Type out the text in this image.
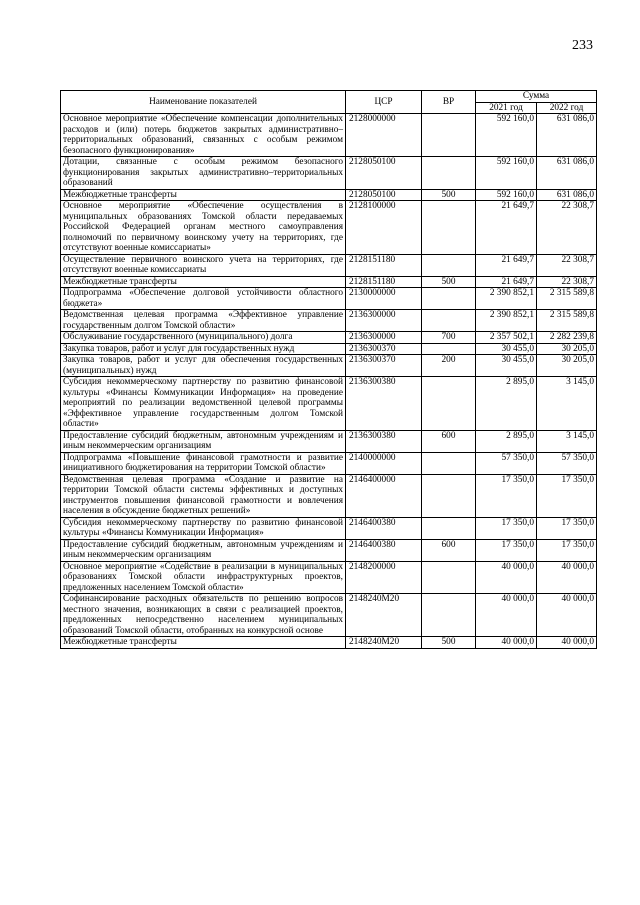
233
Наименование показателей	ЦСР	ВР	Сумма	
			2021 год	2022 год
Основное мероприятие «Обеспечение компенсации дополнительных расходов и (или) потерь бюджетов закрытых административно–территориальных образований, связанных с особым режимом безопасного функционирования»	2128000000		592 160,0	631 086,0
Дотации, связанные с особым режимом безопасного функционирования закрытых административно–территориальных образований	2128050100		592 160,0	631 086,0
Межбюджетные трансферты	2128050100	500	592 160,0	631 086,0
Основное мероприятие «Обеспечение осуществления в муниципальных образованиях Томской области передаваемых Российской Федерацией органам местного самоуправления полномочий по первичному воинскому учету на территориях, где отсутствуют военные комиссариаты»	2128100000		21 649,7	22 308,7
Осуществление первичного воинского учета на территориях, где отсутствуют военные комиссариаты	2128151180		21 649,7	22 308,7
Межбюджетные трансферты	2128151180	500	21 649,7	22 308,7
Подпрограмма «Обеспечение долговой устойчивости областного бюджета»	2130000000		2 390 852,1	2 315 589,8
Ведомственная целевая программа «Эффективное управление государственным долгом Томской области»	2136300000		2 390 852,1	2 315 589,8
Обслуживание государственного (муниципального) долга	2136300000	700	2 357 502,1	2 282 239,8
Закупка товаров, работ и услуг для государственных нужд	2136300370		30 455,0	30 205,0
Закупка товаров, работ и услуг для обеспечения государственных (муниципальных) нужд	2136300370	200	30 455,0	30 205,0
Субсидия некоммерческому партнерству по развитию финансовой культуры «Финансы Коммуникации Информация» на проведение мероприятий по реализации ведомственной целевой программы «Эффективное управление государственным долгом Томской области»	2136300380		2 895,0	3 145,0
Предоставление субсидий бюджетным, автономным учреждениям и иным некоммерческим организациям	2136300380	600	2 895,0	3 145,0
Подпрограмма «Повышение финансовой грамотности и развитие инициативного бюджетирования на территории Томской области»	2140000000		57 350,0	57 350,0
Ведомственная целевая программа «Создание и развитие на территории Томской области системы эффективных и доступных инструментов повышения финансовой грамотности и вовлечения населения в обсуждение бюджетных решений»	2146400000		17 350,0	17 350,0
Субсидия некоммерческому партнерству по развитию финансовой культуры «Финансы Коммуникации Информация»	2146400380		17 350,0	17 350,0
Предоставление субсидий бюджетным, автономным учреждениям и иным некоммерческим организациям	2146400380	600	17 350,0	17 350,0
Основное мероприятие «Содействие в реализации в муниципальных образованиях Томской области инфраструктурных проектов, предложенных населением Томской области»	2148200000		40 000,0	40 000,0
Софинансирование расходных обязательств по решению вопросов местного значения, возникающих в связи с реализацией проектов, предложенных непосредственно населением муниципальных образований Томской области, отобранных на конкурсной основе	2148240М20		40 000,0	40 000,0
Межбюджетные трансферты	2148240М20	500	40 000,0	40 000,0
